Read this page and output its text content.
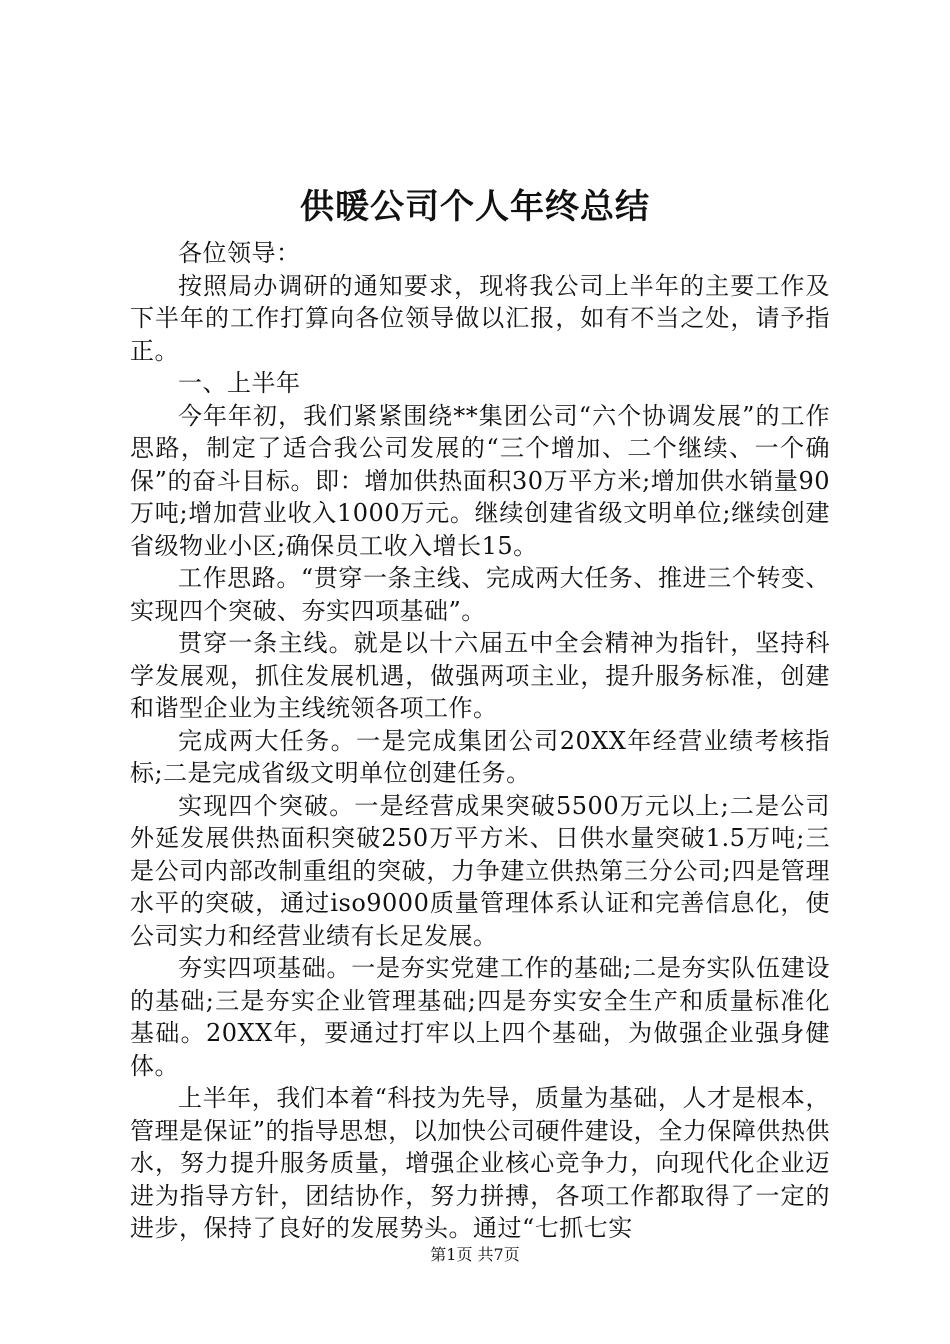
供暖公司个人年终总结

各位领导：

按照局办调研的通知要求，现将我公司上半年的主要工作及下半年的工作打算向各位领导做以汇报，如有不当之处，请予指正。

一、上半年

今年年初，我们紧紧围绕**集团公司“六个协调发展”的工作思路，制定了适合我公司发展的“三个增加、二个继续、一个确保”的奋斗目标。即：增加供热面积30万平方米;增加供水销量90万吨;增加营业收入1000万元。继续创建省级文明单位;继续创建省级物业小区;确保员工收入增长15。

工作思路。“贯穿一条主线、完成两大任务、推进三个转变、实现四个突破、夯实四项基础”。

贯穿一条主线。就是以十六届五中全会精神为指针，坚持科学发展观，抓住发展机遇，做强两项主业，提升服务标准，创建和谐型企业为主线统领各项工作。

完成两大任务。一是完成集团公司20XX年经营业绩考核指标;二是完成省级文明单位创建任务。

实现四个突破。一是经营成果突破5500万元以上;二是公司外延发展供热面积突破250万平方米、日供水量突破1.5万吨;三是公司内部改制重组的突破，力争建立供热第三分公司;四是管理水平的突破，通过iso9000质量管理体系认证和完善信息化，使公司实力和经营业绩有长足发展。

夯实四项基础。一是夯实党建工作的基础;二是夯实队伍建设的基础;三是夯实企业管理基础;四是夯实安全生产和质量标准化基础。20XX年，要通过打牢以上四个基础，为做强企业强身健体。

上半年，我们本着“科技为先导，质量为基础，人才是根本，管理是保证”的指导思想，以加快公司硬件建设，全力保障供热供水，努力提升服务质量，增强企业核心竞争力，向现代化企业迈进为指导方针，团结协作，努力拼搏，各项工作都取得了一定的进步，保持了良好的发展势头。通过“七抓七实

第1页 共7页
